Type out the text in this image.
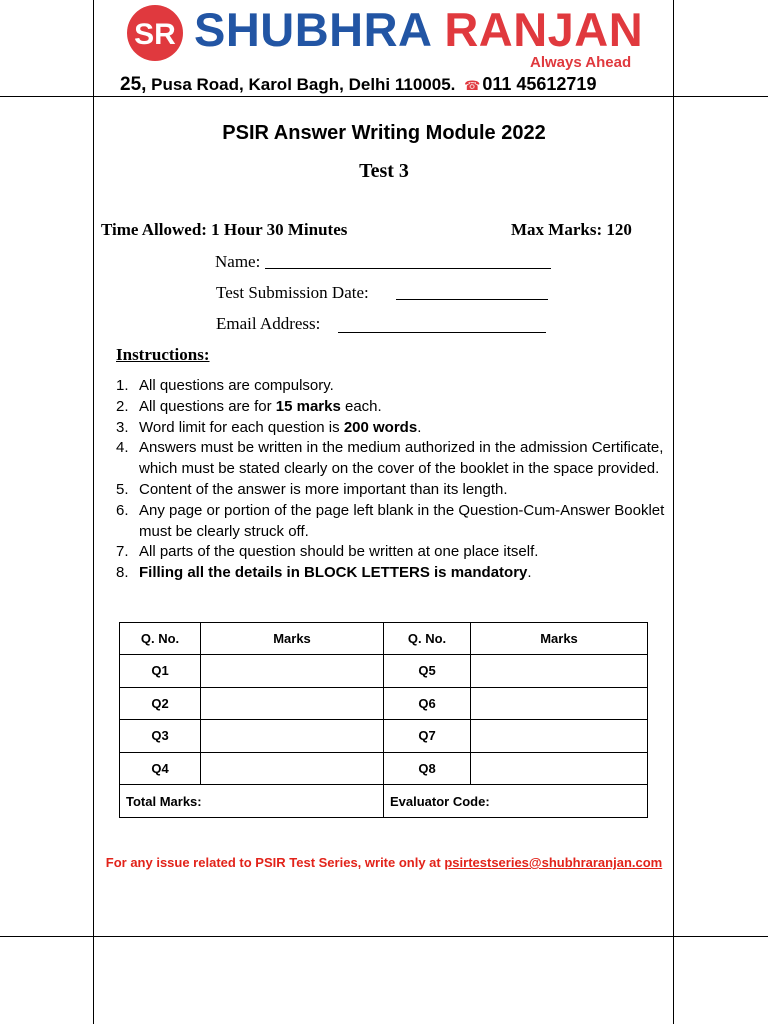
SR SHUBHRA RANJAN
Always Ahead
25, Pusa Road, Karol Bagh, Delhi 110005. ☎ 011 45612719
PSIR Answer Writing Module 2022
Test 3
Time Allowed: 1 Hour 30 Minutes	Max Marks: 120
Name:
Test Submission Date:
Email Address:
Instructions:
1. All questions are compulsory.
2. All questions are for 15 marks each.
3. Word limit for each question is 200 words.
4. Answers must be written in the medium authorized in the admission Certificate, which must be stated clearly on the cover of the booklet in the space provided.
5. Content of the answer is more important than its length.
6. Any page or portion of the page left blank in the Question-Cum-Answer Booklet must be clearly struck off.
7. All parts of the question should be written at one place itself.
8. Filling all the details in BLOCK LETTERS is mandatory.
Q. No.	Marks	Q. No.	Marks
Q1		Q5	
Q2		Q6	
Q3		Q7	
Q4		Q8	
Total Marks:		Evaluator Code:	
For any issue related to PSIR Test Series, write only at psirtestseries@shubhraranjan.com
